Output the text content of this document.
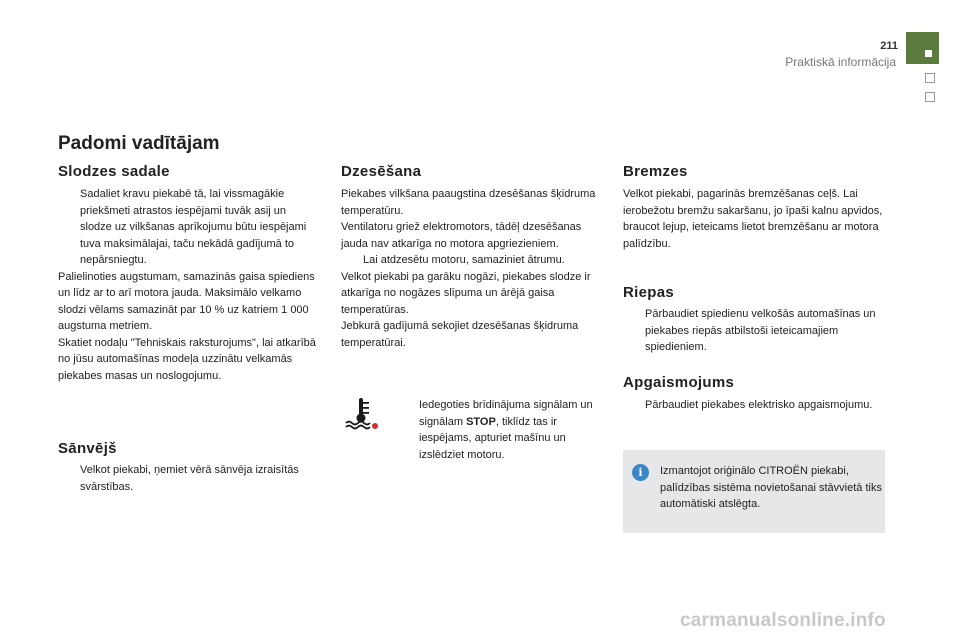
211
Praktiskā informācija
Padomi vadītājam
Slodzes sadale

Sadaliet kravu piekabē tā, lai vissmagākie priekšmeti atrastos iespējami tuvāk asij un slodze uz vilkšanas aprīkojumu būtu iespējami tuva maksimālajai, taču nekādā gadījumā to nepārsniegtu.

Palielinoties augstumam, samazinās gaisa spiediens un līdz ar to arī motora jauda. Maksimālo velkamo slodzi vēlams samazināt par 10 % uz katriem 1 000 augstuma metriem.

Skatiet nodaļu "Tehniskais raksturojums", lai atkarībā no jūsu automašīnas modeļa uzzinātu velkamās piekabes masas un noslogojumu.

Sānvējš

Velkot piekabi, ņemiet vērā sānvēja izraisītās svārstības.

Dzesēšana

Piekabes vilkšana paaugstina dzesēšanas šķidruma temperatūru.

Ventilatoru griež elektromotors, tādēļ dzesēšanas jauda nav atkarīga no motora apgriezieniem.

Lai atdzesētu motoru, samaziniet ātrumu.

Velkot piekabi pa garāku nogāzi, piekabes slodze ir atkarīga no nogāzes slīpuma un ārējā gaisa temperatūras.

Jebkurā gadījumā sekojiet dzesēšanas šķidruma temperatūrai.

Iedegoties brīdinājuma signālam un signālam STOP, tiklīdz tas ir iespējams, apturiet mašīnu un izslēdziet motoru.

Bremzes

Velkot piekabi, pagarinās bremzēšanas ceļš. Lai ierobežotu bremžu sakaršanu, jo īpaši kalnu apvidos, braucot lejup, ieteicams lietot bremzēšanu ar motora palīdzību.

Riepas

Pārbaudiet spiedienu velkošās automašīnas un piekabes riepās atbilstoši ieteicamajiem spiedieniem.

Apgaismojums

Pārbaudiet piekabes elektrisko apgaismojumu.

i	Izmantojot oriģinālo CITROËN piekabi, palīdzības sistēma novietošanai stāvvietā tiks automātiski atslēgta.
carmanualsonline.info
